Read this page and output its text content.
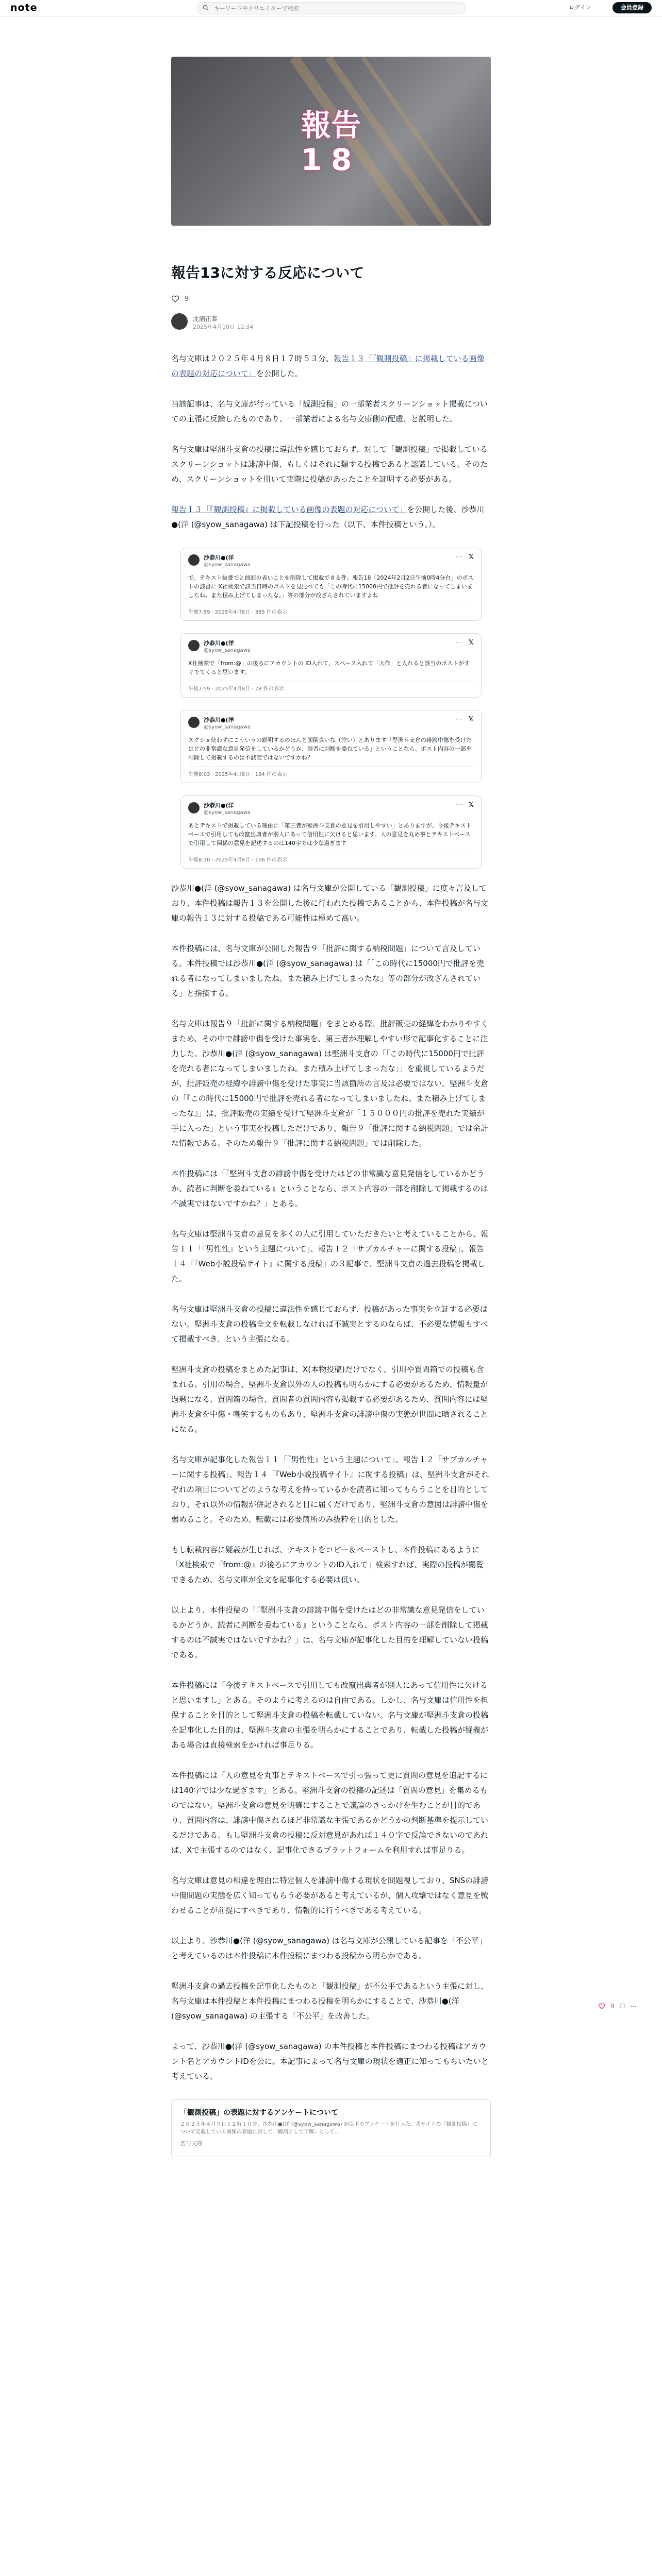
note
キーワードやクリエイターで検索	ログイン	会員登録
報告
18
報告13に対する反応について
9
北浦正泰
2025年4月10日 12:34

名与文庫は２０２５年４月８日１７時５３分、報告１３「『観測投稿』に掲載している画像の表題の対応について」を公開した。

当該記事は、名与文庫が行っている「観測投稿」の一部業者スクリーンショット掲載についての主張に反論したものであり、一部業者による名与文庫側の配慮、と説明した。

名与文庫は堅洲斗支倉の投稿に違法性を感じておらず、対して「観測投稿」で掲載しているスクリーンショットは誹謗中傷、もしくはそれに類する投稿であると認識している。そのため、スクリーンショットを用いて実際に投稿があったことを証明する必要がある。

報告１３「『観測投稿』に掲載している画像の表題の対応について」を公開した後、沙恭川●(洋 (@syow_sanagawa) は下記投稿を行った（以下、本件投稿という。）。

𝕏
⋯
沙恭川●(洋
@syow_sanagawa
で、テキスト抜書でと前回の表いことを削除して掲載できる件。報告18「2024年2月2日午前0時4分台」のポストの該書に X社検索で該当日時のポストを見比べても「この時代に15000円で批評を売れる者になってしまいましたね。また積み上げてしまったな。」等の部分が改ざんされていますよね
午後7:59 · 2025年4月8日 · 385 件の表示
𝕏
⋯
沙恭川●(洋
@syow_sanagawa
X社検索で「from:@」の後ろにアカウントの ID入れて、スペース入れて「大作」と入れると該当のポストがすぐでてくると思います。
午後7:59 · 2025年4月8日 · 78 件の表示
𝕏
⋯
沙恭川●(洋
@syow_sanagawa
スクショ使わずにこういうの説明するのほんと面倒臭いな（泣い）とあります「堅洲斗支倉の誹謗中傷を受けたはどの非常識な意見発信をしているかどうか、読者に判断を委ねている」ということなら、ポスト内容の一部を削除して掲載するのは不誠実ではないですかね？
午後8:03 · 2025年4月8日 · 134 件の表示
𝕏
⋯
沙恭川●(洋
@syow_sanagawa
あとテキストで掲載している理由に「第三者が堅洲斗支倉の意見を引用しやすい」とありますが、今後テキストベースで引用しても改竄出典者が別人にあって信用性に欠けると思います。人の意見を丸め事とテキストベースで引用して関係の意見を記述するのは140字では少な過ぎます
午後8:10 · 2025年4月8日 · 106 件の表示

沙恭川●(洋 (@syow_sanagawa) は名与文庫が公開している「観測投稿」に度々言及しており、本件投稿は報告１３を公開した後に行われた投稿であることから、本件投稿が名与文庫の報告１３に対する投稿である可能性は極めて高い。

本件投稿には、名与文庫が公開した報告９「批評に関する納税問題」について言及している。本件投稿では沙恭川●(洋 (@syow_sanagawa) は「「この時代に15000円で批評を売れる者になってしまいましたね。また積み上げてしまったな」等の部分が改ざんされている」と指摘する。

名与文庫は報告９「批評に関する納税問題」をまとめる際、批評販売の経緯をわかりやすくまため、その中で誹謗中傷を受けた事実を、第三者が理解しやすい形で記事化することに注力した。沙恭川●(洋 (@syow_sanagawa) は堅洲斗支倉の「「この時代に15000円で批評を売れる者になってしまいましたね。また積み上げてしまったな」」を重視しているようだが、批評販売の経緯や誹謗中傷を受けた事実に当該箇所の言及は必要ではない。堅洲斗支倉の「『この時代に15000円で批評を売れる者になってしまいましたね。また積み上げてしまったな』」は、批評販売の実績を受けて堅洲斗支倉が「１５０００円の批評を売れた実績が手に入った」という事実を投稿しただけであり、報告９「批評に関する納税問題」では余計な情報である。そのため報告９「批評に関する納税問題」では削除した。

本件投稿には「『堅洲斗支倉の誹謗中傷を受けたはどの非常識な意見発信をしているかどうか、読者に判断を委ねている』ということなら、ポスト内容の一部を削除して掲載するのは不誠実ではないですかね？」とある。

名与文庫は堅洲斗支倉の意見を多くの人に引用していただきたいと考えていることから、報告１１「『男性性』という主題について」、報告１２「サブカルチャーに関する投稿」、報告１４「『Web小説投稿サイト』に関する投稿」の３記事で、堅洲斗支倉の過去投稿を掲載した。

名与文庫は堅洲斗支倉の投稿に違法性を感じておらず、投稿があった事実を立証する必要はない。堅洲斗支倉の投稿全文を転載しなければ不誠実とするのならば、不必要な情報もすべて掲載すべき、という主張になる。

堅洲斗支倉の投稿をまとめた記事は、X(本物投稿)だけでなく、引用や質問箱での投稿も含まれる。引用の場合、堅洲斗支倉以外の人の投稿も明らかにする必要があるため、情報量が過剰になる。質問箱の場合、質問者の質問内容も掲載する必要があるため、質問内容には堅洲斗支倉を中傷・嘲笑するものもあり、堅洲斗支倉の誹謗中傷の実態が世間に晒されることになる。

名与文庫が記事化した報告１１「『男性性』という主題について」、報告１２「サブカルチャーに関する投稿」、報告１４「『Web小説投稿サイト』に関する投稿」は、堅洲斗支倉がそれぞれの項目についてどのような考えを持っているかを読者に知ってもらうことを目的としており、それ以外の情報が併記されると目に届くだけであり、堅洲斗支倉の意図は誹謗中傷を弱めること。そのため、転載には必要箇所のみ抜粋を目的とした。

もし転載内容に疑義が生じれば、テキストをコピー＆ペーストし、本件投稿にあるように「X社検索で『from:@』の後ろにアカウントのID入れて」検索すれば、実際の投稿が閲覧できるため、名与文庫が全文を記事化する必要は低い。

以上より、本件投稿の「『堅洲斗支倉の誹謗中傷を受けたはどの非常識な意見発信をしているかどうか、読者に判断を委ねている』ということなら、ポスト内容の一部を削除して掲載するのは不誠実ではないですかね？」は、名与文庫が記事化した目的を理解していない投稿である。

本件投稿には「今後テキストベースで引用しても改竄出典者が別人にあって信用性に欠けると思いますし」とある。そのように考えるのは自由である。しかし、名与文庫は信用性を担保することを目的として堅洲斗支倉の投稿を転載していない。名与文庫が堅洲斗支倉の投稿を記事化した目的は、堅洲斗支倉の主張を明らかにすることであり、転載した投稿が疑義がある場合は直接検索をかければ事足りる。

本件投稿には「人の意見を丸事とテキストベースで引っ張って更に質問の意見を追記するには140字では少な過ぎます」とある。堅洲斗支倉の投稿の記述は「質問の意見」を集めるものではない。堅洲斗支倉の意見を明確にすることで議論のきっかけを生むことが目的であり、質問内容は、誹謗中傷されるほど非常識な主張であるかどうかの判断基準を提示しているだけである。もし堅洲斗支倉の投稿に反対意見があれば１４０字で反論できないのであれば、Xで主張するのではなく、記事化できるプラットフォームを利用すれば事足りる。

名与文庫は意見の相違を理由に特定個人を誹謗中傷する現状を問題視しており、SNSの誹謗中傷問題の実態を広く知ってもらう必要があると考えているが、個人攻撃ではなく意見を戦わせることが前提にすべきであり、情報的に行うべきである考えている。

以上より、沙恭川●(洋 (@syow_sanagawa) は名与文庫が公開している記事を「不公平」と考えているのは本件投稿に本件投稿にまつわる投稿から明らかである。

堅洲斗支倉の過去投稿を記事化したものと「観測投稿」が不公平であるという主張に対し、名与文庫は本件投稿と本件投稿にまつわる投稿を明らかにすることで、沙恭川●(洋 (@syow_sanagawa) の主張する「不公平」を改善した。

よって、沙恭川●(洋 (@syow_sanagawa) の本件投稿と本件投稿にまつわる投稿はアカウント名とアカウントIDを公に。本記事によって名与文庫の現状を適正に知ってもらいたいと考えている。

「観測投稿」の表題に対するアンケートについて
２０２５年４月９日１２時１０分、沙恭川●(洋 (@syow_sanagawa) が以下のアンケートを行った。当サイトの「観測投稿」について記載している画像の表題に対して「観測として了解」として…
名与文庫
9 ☐ ⋯
